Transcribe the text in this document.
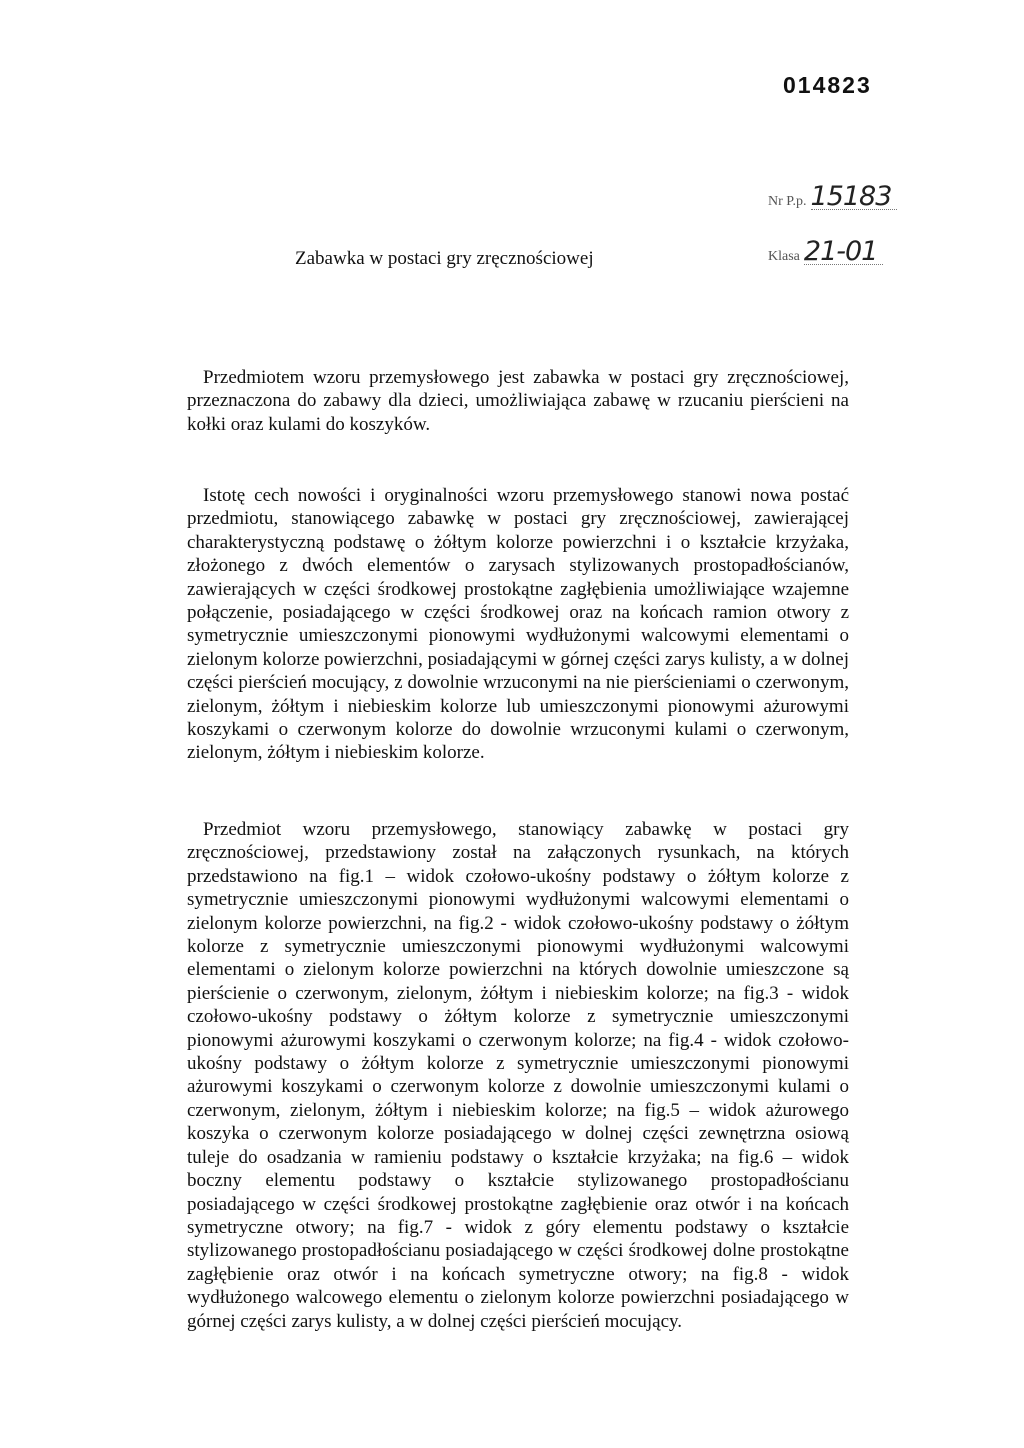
014823
Nr P.p. 15183
Klasa 21-01
Zabawka w postaci gry zręcznościowej

Przedmiotem wzoru przemysłowego jest zabawka w postaci gry zręcznościowej, przeznaczona do zabawy dla dzieci, umożliwiająca zabawę w rzucaniu pierścieni na kołki oraz kulami do koszyków.

Istotę cech nowości i oryginalności wzoru przemysłowego stanowi nowa postać przedmiotu, stanowiącego zabawkę w postaci gry zręcznościowej, zawierającej charakterystyczną podstawę o żółtym kolorze powierzchni i o kształcie krzyżaka, złożonego z dwóch elementów o zarysach stylizowanych prostopadłościanów, zawierających w części środkowej prostokątne zagłębienia umożliwiające wzajemne połączenie, posiadającego w części środkowej oraz na końcach ramion otwory z symetrycznie umieszczonymi pionowymi wydłużonymi walcowymi elementami o zielonym kolorze powierzchni, posiadającymi w górnej części zarys kulisty, a w dolnej części pierścień mocujący, z dowolnie wrzuconymi na nie pierścieniami o czerwonym, zielonym, żółtym i niebieskim kolorze lub umieszczonymi pionowymi ażurowymi koszykami o czerwonym kolorze do dowolnie wrzuconymi kulami o czerwonym, zielonym, żółtym i niebieskim kolorze.

Przedmiot wzoru przemysłowego, stanowiący zabawkę w postaci gry zręcznościowej, przedstawiony został na załączonych rysunkach, na których przedstawiono na fig.1 – widok czołowo-ukośny podstawy o żółtym kolorze z symetrycznie umieszczonymi pionowymi wydłużonymi walcowymi elementami o zielonym kolorze powierzchni, na fig.2 - widok czołowo-ukośny podstawy o żółtym kolorze z symetrycznie umieszczonymi pionowymi wydłużonymi walcowymi elementami o zielonym kolorze powierzchni na których dowolnie umieszczone są pierścienie o czerwonym, zielonym, żółtym i niebieskim kolorze; na fig.3 - widok czołowo-ukośny podstawy o żółtym kolorze z symetrycznie umieszczonymi pionowymi ażurowymi koszykami o czerwonym kolorze; na fig.4 - widok czołowo-ukośny podstawy o żółtym kolorze z symetrycznie umieszczonymi pionowymi ażurowymi koszykami o czerwonym kolorze z dowolnie umieszczonymi kulami o czerwonym, zielonym, żółtym i niebieskim kolorze; na fig.5 – widok ażurowego koszyka o czerwonym kolorze posiadającego w dolnej części zewnętrzna osiową tuleje do osadzania w ramieniu podstawy o kształcie krzyżaka; na fig.6 – widok boczny elementu podstawy o kształcie stylizowanego prostopadłościanu posiadającego w części środkowej prostokątne zagłębienie oraz otwór i na końcach symetryczne otwory; na fig.7 - widok z góry elementu podstawy o kształcie stylizowanego prostopadłościanu posiadającego w części środkowej dolne prostokątne zagłębienie oraz otwór i na końcach symetryczne otwory; na fig.8 - widok wydłużonego walcowego elementu o zielonym kolorze powierzchni posiadającego w górnej części zarys kulisty, a w dolnej części pierścień mocujący.
